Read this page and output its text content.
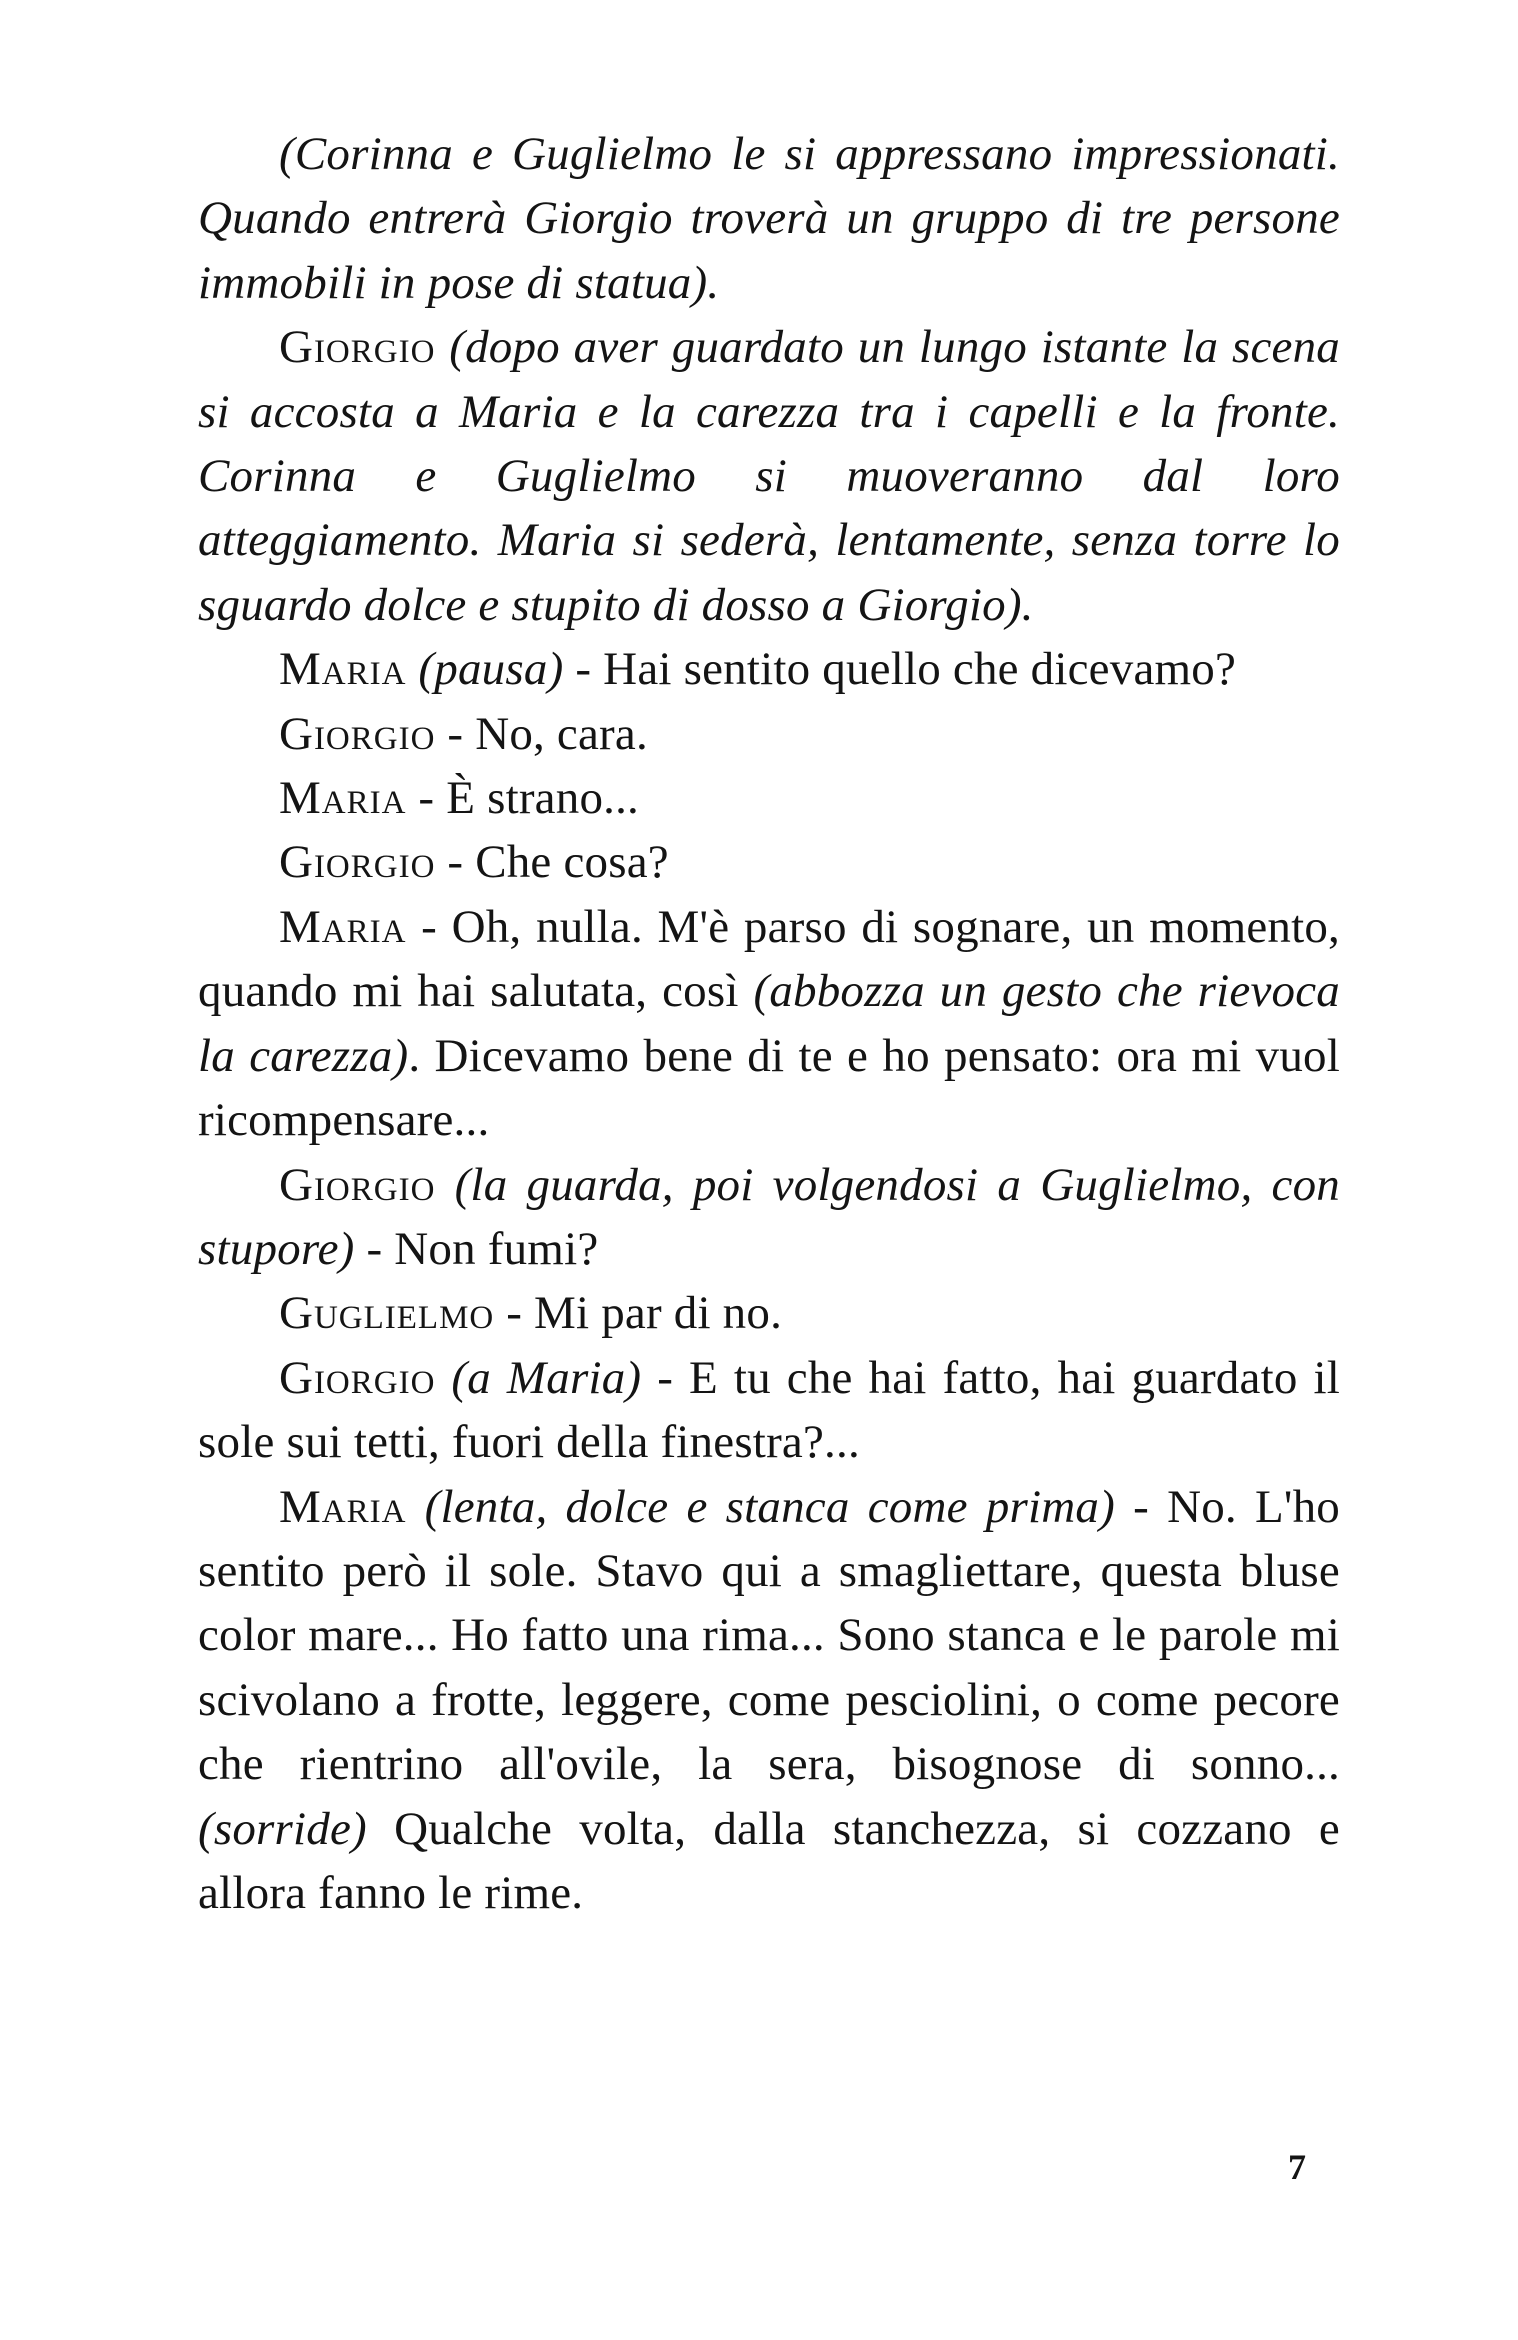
(Corinna e Guglielmo le si appressano impressionati. Quando entrerà Giorgio troverà un gruppo di tre persone immobili in pose di statua).

Giorgio (dopo aver guardato un lungo istante la scena si accosta a Maria e la carezza tra i capelli e la fronte. Corinna e Guglielmo si muoveranno dal loro atteggiamento. Maria si sederà, lentamente, senza torre lo sguardo dolce e stupito di dosso a Giorgio).

Maria (pausa) - Hai sentito quello che dicevamo?

Giorgio - No, cara.

Maria - È strano...

Giorgio - Che cosa?

Maria - Oh, nulla. M'è parso di sognare, un momento, quando mi hai salutata, così (abbozza un gesto che rievoca la carezza). Dicevamo bene di te e ho pensato: ora mi vuol ricompensare...

Giorgio (la guarda, poi volgendosi a Guglielmo, con stupore) - Non fumi?

Guglielmo - Mi par di no.

Giorgio (a Maria) - E tu che hai fatto, hai guardato il sole sui tetti, fuori della finestra?...

Maria (lenta, dolce e stanca come prima) - No. L'ho sentito però il sole. Stavo qui a smagliettare, questa bluse color mare... Ho fatto una rima... Sono stanca e le parole mi scivolano a frotte, leggere, come pesciolini, o come pecore che rientrino all'ovile, la sera, bisognose di sonno... (sorride) Qualche volta, dalla stanchezza, si cozzano e allora fanno le rime.

7
